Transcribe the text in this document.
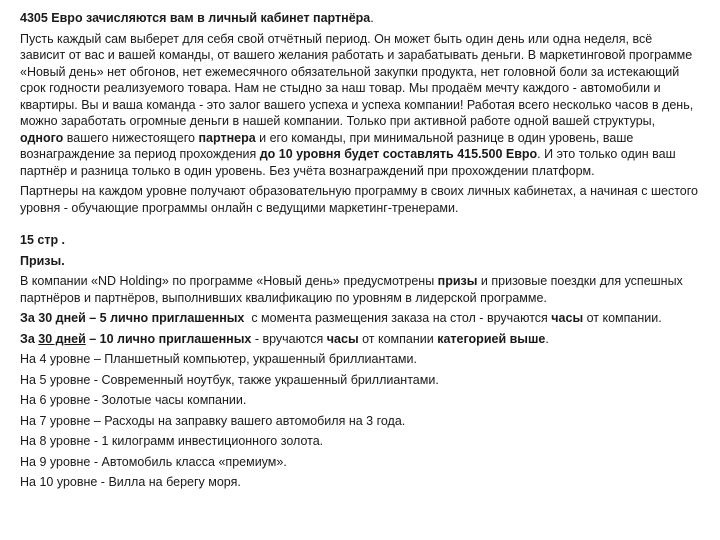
4305 Евро зачисляются вам в личный кабинет партнёра.

Пусть каждый сам выберет для себя свой отчётный период. Он может быть один день или одна неделя, всё зависит от вас и вашей команды, от вашего желания работать и зарабатывать деньги. В маркетинговой программе «Новый день» нет обгонов, нет ежемесячного обязательной закупки продукта, нет головной боли за истекающий срок годности реализуемого товара. Нам не стыдно за наш товар. Мы продаём мечту каждого - автомобили и квартиры. Вы и ваша команда - это залог вашего успеха и успеха компании! Работая всего несколько часов в день, можно заработать огромные деньги в нашей компании. Только при активной работе одной вашей структуры, одного вашего нижестоящего партнера и его команды, при минимальной разнице в один уровень, ваше вознаграждение за период прохождения до 10 уровня будет составлять 415.500 Евро. И это только один ваш партнёр и разница только в один уровень. Без учёта вознаграждений при прохождении платформ.

Партнеры на каждом уровне получают образовательную программу в своих личных кабинетах, а начиная с шестого уровня - обучающие программы онлайн с ведущими маркетинг-тренерами.

15 стр .

Призы.

В компании «ND Holding» по программе «Новый день» предусмотрены призы и призовые поездки для успешных партнёров и партнёров, выполнивших квалификацию по уровням в лидерской программе.

За 30 дней – 5 лично приглашенных  с момента размещения заказа на стол - вручаются часы от компании.

За 30 дней – 10 лично приглашенных - вручаются часы от компании категорией выше.

На 4 уровне – Планшетный компьютер, украшенный бриллиантами.

На 5 уровне - Современный ноутбук, также украшенный бриллиантами.

На 6 уровне - Золотые часы компании.

На 7 уровне – Расходы на заправку вашего автомобиля на 3 года.

На 8 уровне - 1 килограмм инвестиционного золота.

На 9 уровне - Автомобиль класса «премиум».

На 10 уровне - Вилла на берегу моря.
